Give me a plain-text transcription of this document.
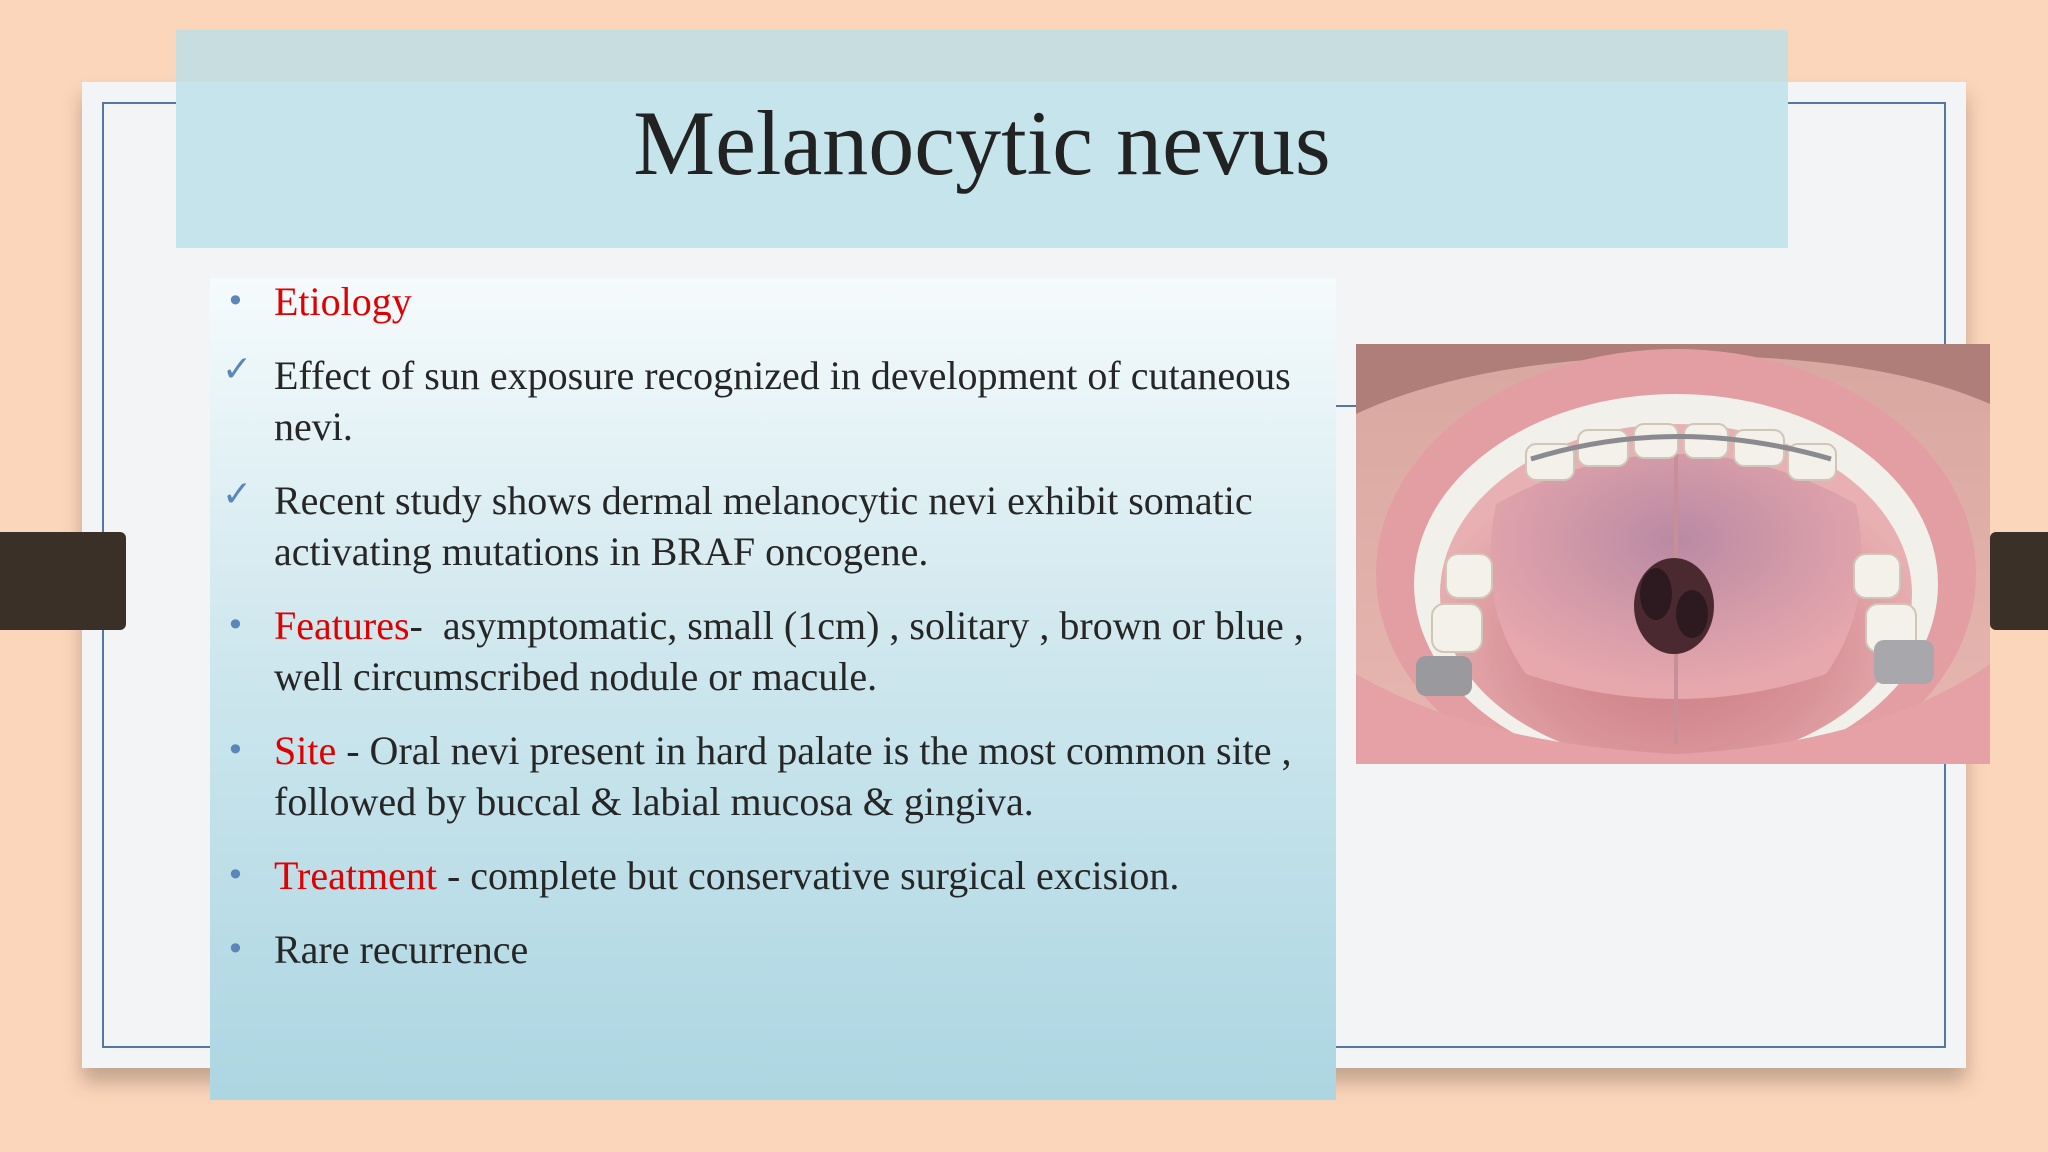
Melanocytic nevus
• Etiology
✓ Effect of sun exposure recognized in development of cutaneous nevi.
✓ Recent study shows dermal melanocytic nevi exhibit somatic activating mutations in BRAF oncogene.
• Features-  asymptomatic, small (1cm) , solitary , brown or blue , well circumscribed nodule or macule.
• Site - Oral nevi present in hard palate is the most common site , followed by buccal & labial mucosa & gingiva.
• Treatment - complete but conservative surgical excision.
• Rare recurrence
